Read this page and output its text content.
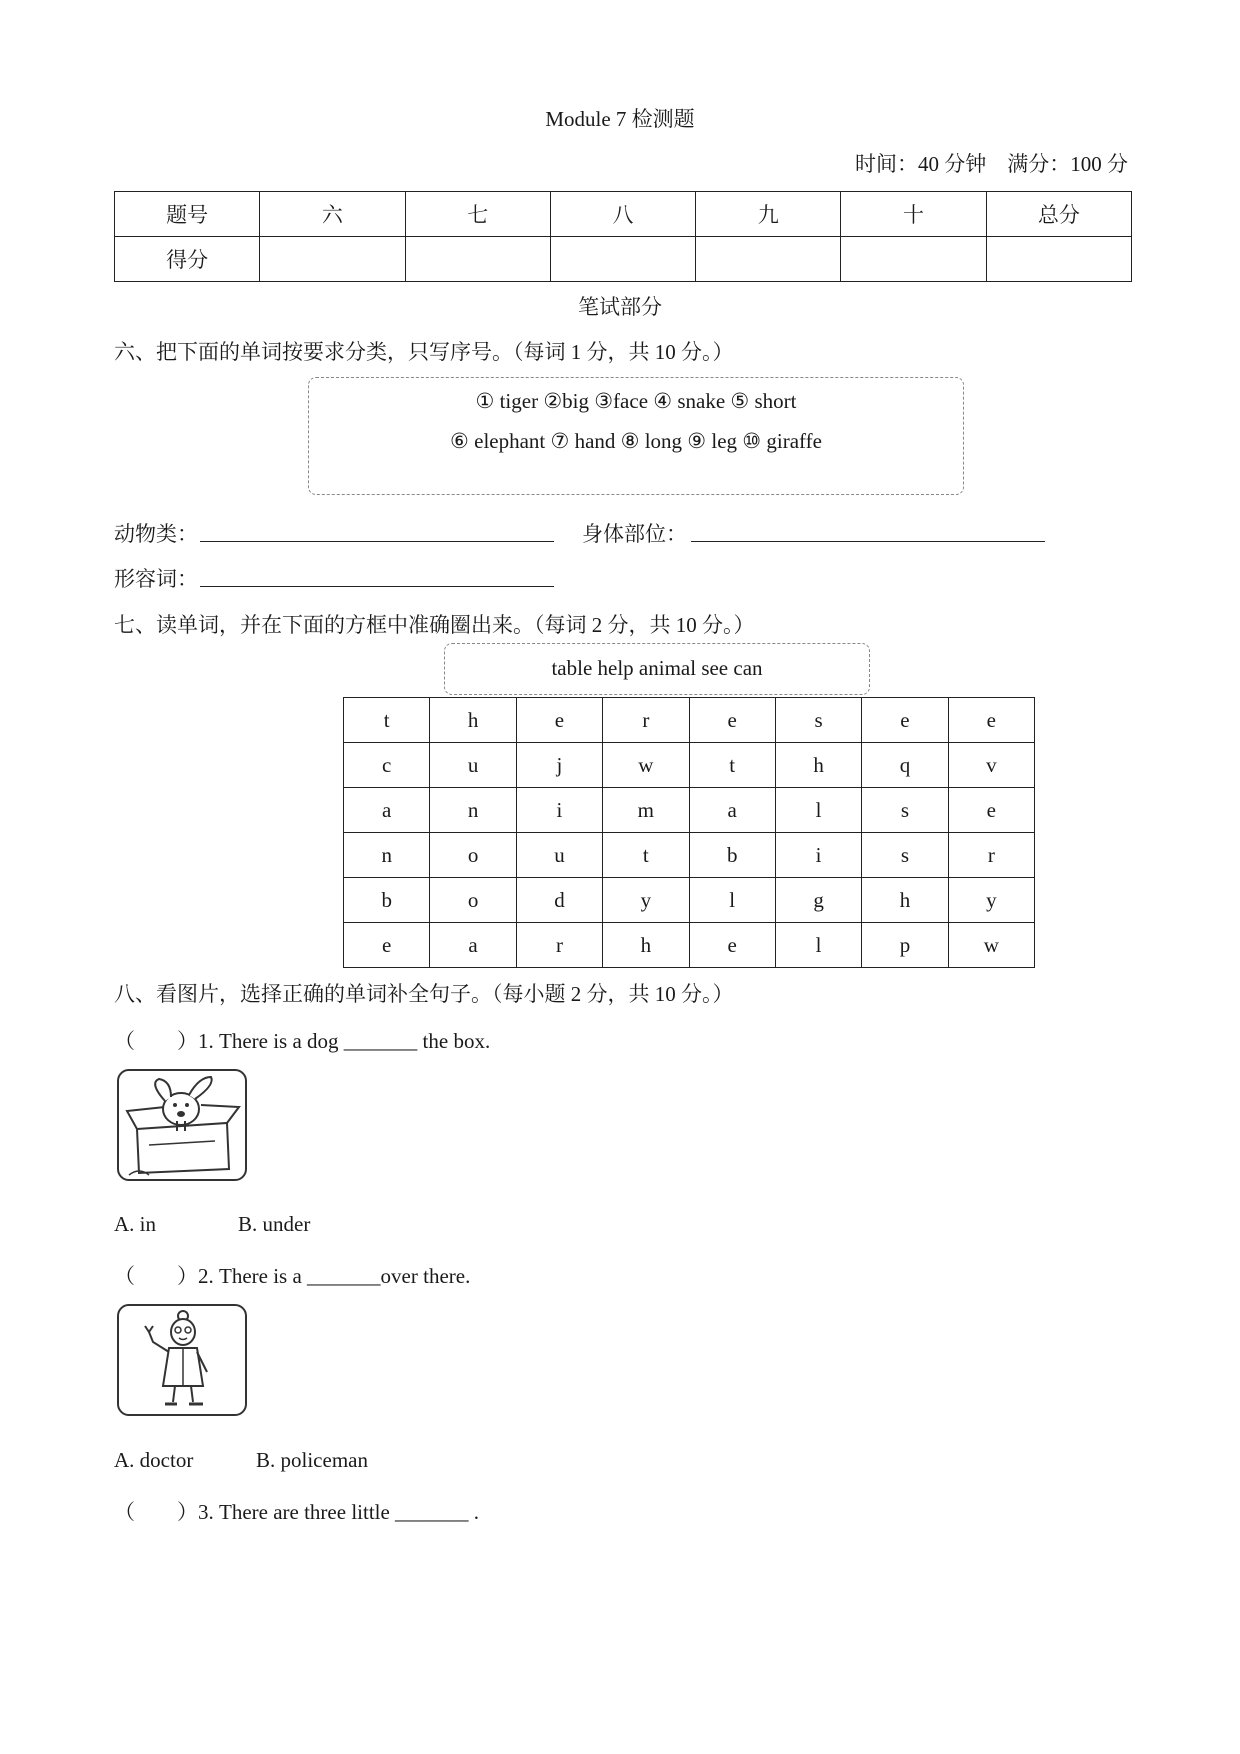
Module 7 检测题
时间：40 分钟　满分：100 分
题号	六	七	八	九	十	总分
得分						
笔试部分
六、把下面的单词按要求分类，只写序号。（每词 1 分，共 10 分。）
① tiger ②big ③face ④ snake ⑤ short
⑥ elephant ⑦ hand ⑧ long ⑨ leg ⑩ giraffe
动物类：	身体部位：
形容词：
七、读单词，并在下面的方框中准确圈出来。（每词 2 分，共 10 分。）
table help animal see can
t	h	e	r	e	s	e	e
c	u	j	w	t	h	q	v
a	n	i	m	a	l	s	e
n	o	u	t	b	i	s	r
b	o	d	y	l	g	h	y
e	a	r	h	e	l	p	w
八、看图片，选择正确的单词补全句子。（每小题 2 分，共 10 分。）
（　　）1. There is a dog _______ the box.
A. in	B. under
（　　）2. There is a _______over there.
A. doctor	B. policeman
（　　）3. There are three little _______ .
